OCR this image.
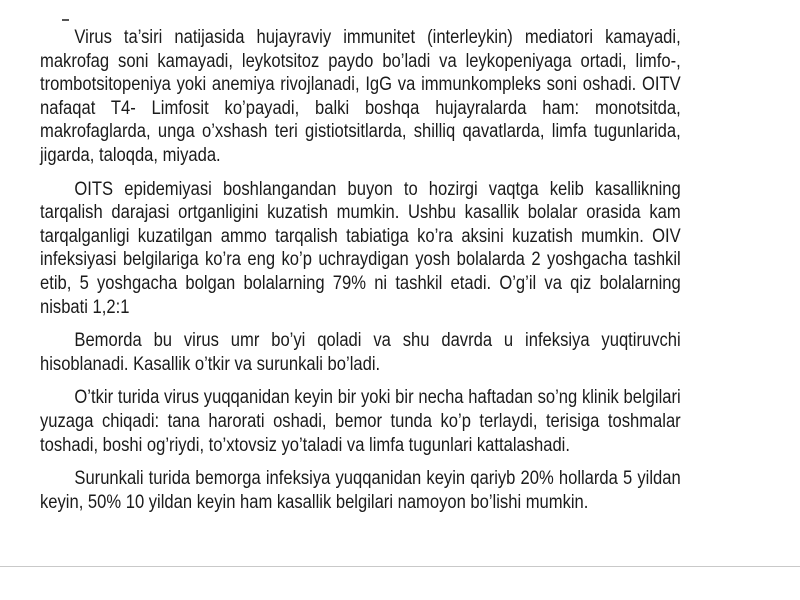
Virus ta’siri natijasida hujayraviy immunitet (interleykin) mediatori kamayadi, makrofag soni kamayadi, leykotsitoz paydo bo’ladi va leykopeniyaga ortadi, limfo-, trombotsitopeniya yoki anemiya rivojlanadi, IgG va immunkompleks soni oshadi. OITV nafaqat T4- Limfosit ko’payadi, balki boshqa hujayralarda ham: monotsitda, makrofaglarda, unga o’xshash teri gistiotsitlarda, shilliq qavatlarda, limfa tugunlarida, jigarda, taloqda, miyada.

OITS epidemiyasi boshlangandan buyon to hozirgi vaqtga kelib kasallikning tarqalish darajasi ortganligini kuzatish mumkin. Ushbu kasallik bolalar orasida kam tarqalganligi kuzatilgan ammo tarqalish tabiatiga ko’ra aksini kuzatish mumkin. OIV infeksiyasi belgilariga ko’ra eng ko’p uchraydigan yosh bolalarda 2 yoshgacha tashkil etib, 5 yoshgacha bolgan bolalarning 79% ni tashkil etadi. O’g’il va qiz bolalarning nisbati 1,2:1

Bemorda bu virus umr bo’yi qoladi va shu davrda u infeksiya yuqtiruvchi hisoblanadi. Kasallik o’tkir va surunkali bo’ladi.

O’tkir turida virus yuqqanidan keyin bir yoki bir necha haftadan so’ng klinik belgilari yuzaga chiqadi: tana harorati oshadi, bemor tunda ko’p terlaydi, terisiga toshmalar toshadi, boshi og’riydi, to’xtovsiz yo’taladi va limfa tugunlari kattalashadi.

Surunkali turida bemorga infeksiya yuqqanidan keyin qariyb 20% hollarda 5 yildan keyin, 50% 10 yildan keyin ham kasallik belgilari namoyon bo’lishi mumkin.
